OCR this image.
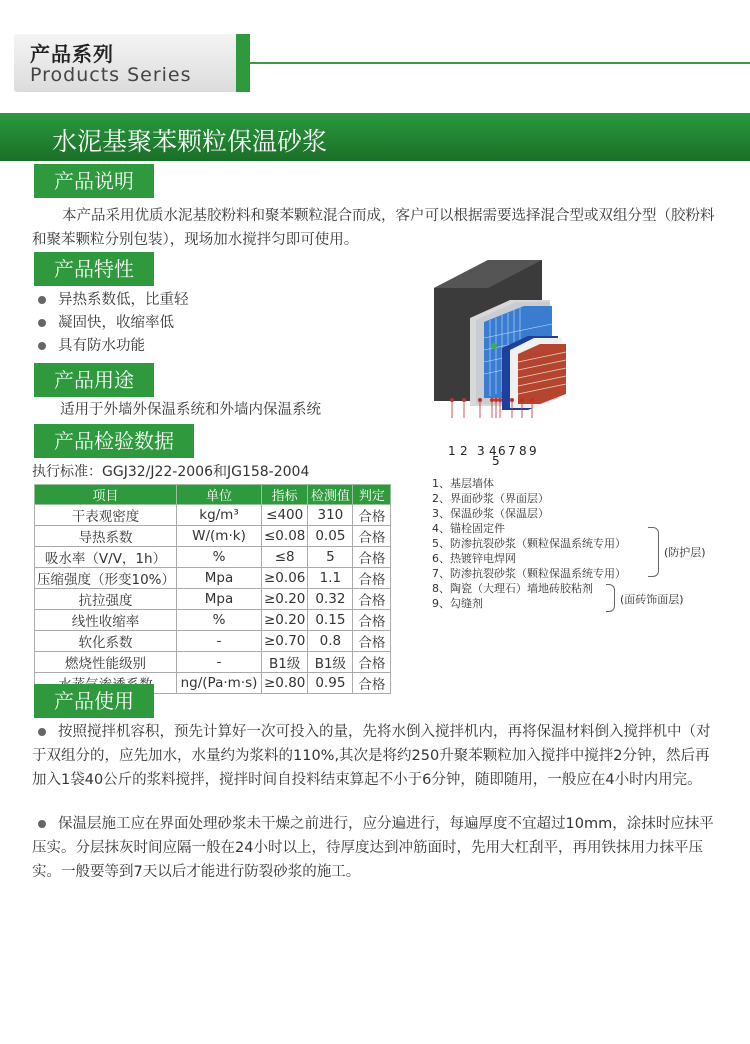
产品系列
Products Series
水泥基聚苯颗粒保温砂浆
产品说明
本产品采用优质水泥基胶粉料和聚苯颗粒混合而成，客户可以根据需要选择混合型或双组分型（胶粉料和聚苯颗粒分别包装），现场加水搅拌匀即可使用。
产品特性
异热系数低，比重轻
凝固快，收缩率低
具有防水功能
产品用途
适用于外墙外保温系统和外墙内保温系统
产品检验数据
执行标准：GGJ32/J22-2006和JG158-2004
项目	单位	指标	检测值	判定
干表观密度	kg/m³	≤400	310	合格
导热系数	W/(m·k)	≤0.08	0.05	合格
吸水率（V/V，1h）	%	≤8	5	合格
压缩强度（形变10%）	Mpa	≥0.06	1.1	合格
抗拉强度	Mpa	≥0.20	0.32	合格
线性收缩率	%	≥0.20	0.15	合格
软化系数	-	≥0.70	0.8	合格
燃烧性能级别	-	B1级	B1级	合格
	ng/(Pa·m·s)	≥0.80	0.95	合格
产品使用
按照搅拌机容积，预先计算好一次可投入的量，先将水倒入搅拌机内，再将保温材料倒入搅拌机中（对于双组分的，应先加水，水量约为浆料的110%,其次是将约250升聚苯颗粒加入搅拌中搅拌2分钟，然后再加入1袋40公斤的浆料搅拌，搅拌时间自投料结束算起不小于6分钟，随即随用，一般应在4小时内用完。
保温层施工应在界面处理砂浆未干燥之前进行，应分遍进行，每遍厚度不宜超过10mm，涂抹时应抹平压实。分层抹灰时间应隔一般在24小时以上，待厚度达到冲筋面时，先用大杠刮平，再用铁抹用力抹平压实。一般要等到7天以后才能进行防裂砂浆的施工。
1 2 3 4 6 7 8 9
5
1、基层墙体
2、界面砂浆（界面层）
3、保温砂浆（保温层）
4、锚栓固定件
5、防渗抗裂砂浆（颗粒保温系统专用）
6、热镀锌电焊网
7、防渗抗裂砂浆（颗粒保温系统专用）
8、陶瓷（大理石）墙地砖胶粘剂
9、勾缝剂
(防护层)
(面砖饰面层)
